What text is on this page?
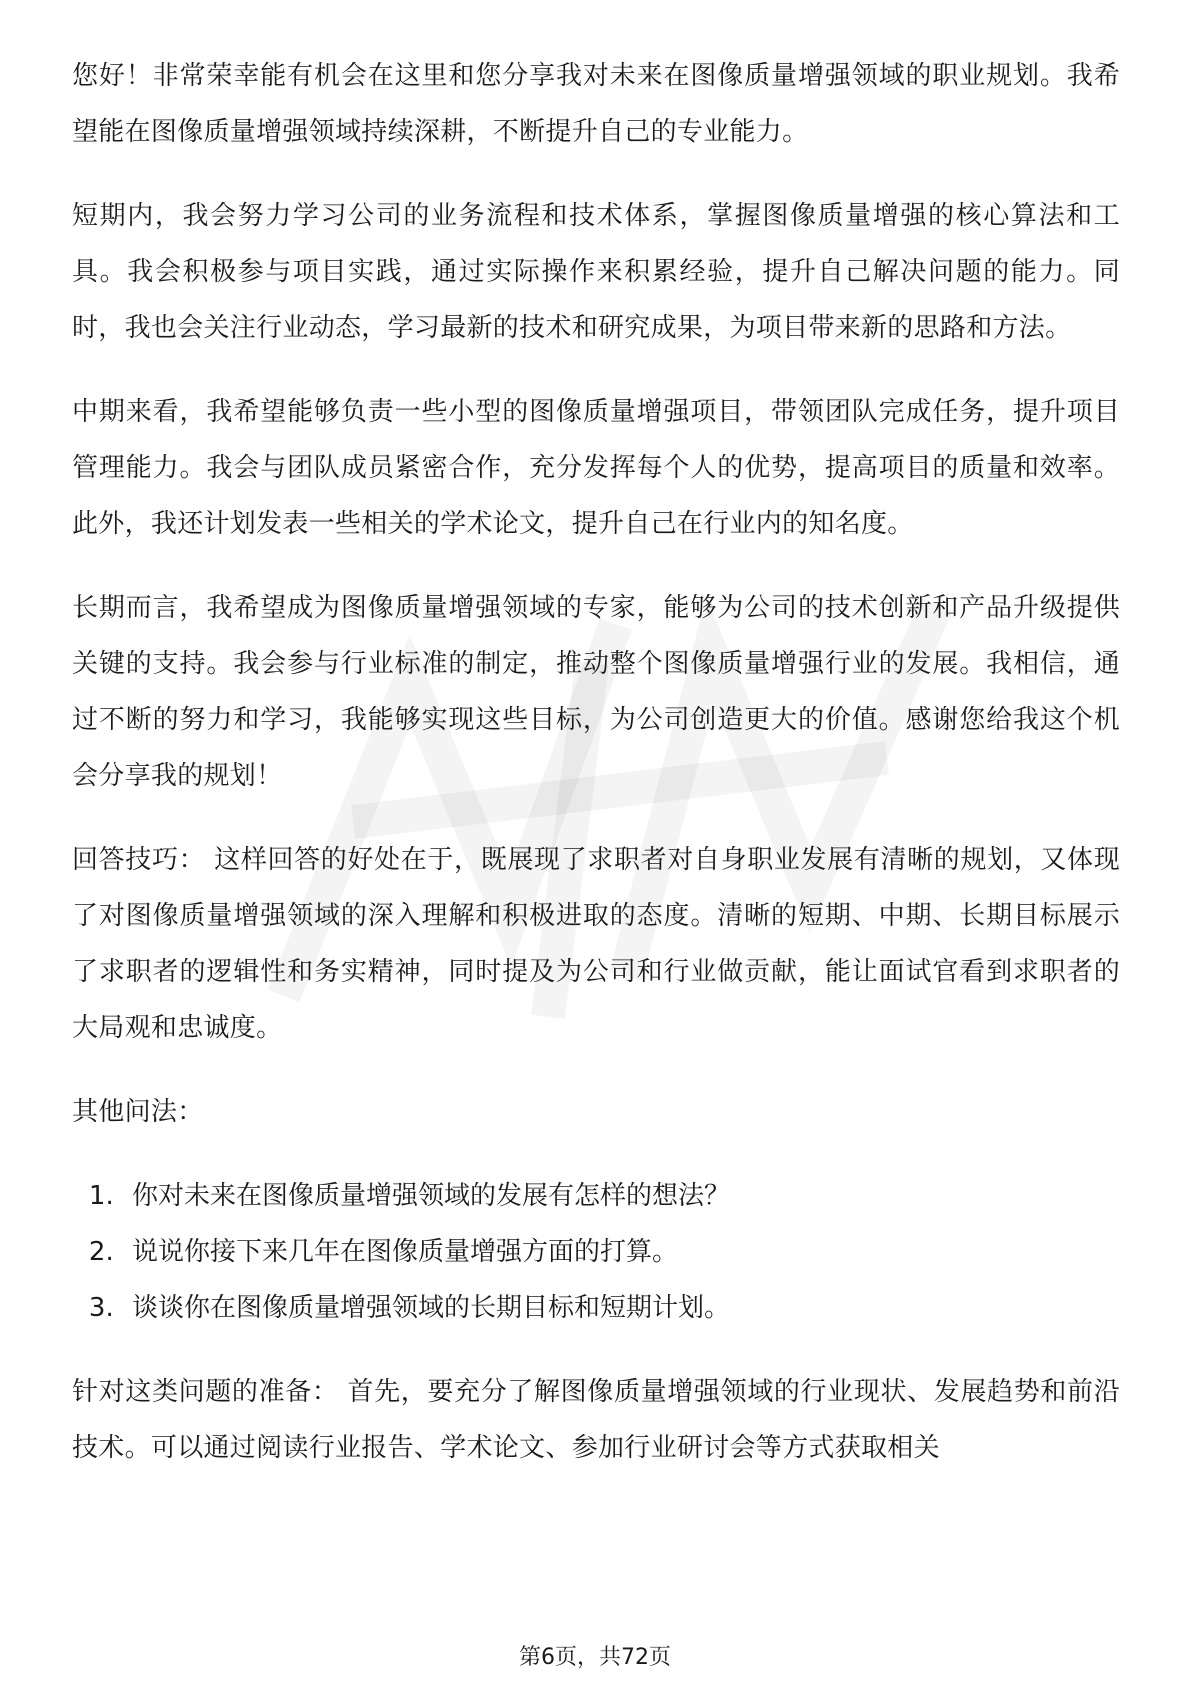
您好！非常荣幸能有机会在这里和您分享我对未来在图像质量增强领域的职业规划。我希望能在图像质量增强领域持续深耕，不断提升自己的专业能力。

短期内，我会努力学习公司的业务流程和技术体系，掌握图像质量增强的核心算法和工具。我会积极参与项目实践，通过实际操作来积累经验，提升自己解决问题的能力。同时，我也会关注行业动态，学习最新的技术和研究成果，为项目带来新的思路和方法。

中期来看，我希望能够负责一些小型的图像质量增强项目，带领团队完成任务，提升项目管理能力。我会与团队成员紧密合作，充分发挥每个人的优势，提高项目的质量和效率。此外，我还计划发表一些相关的学术论文，提升自己在行业内的知名度。

长期而言，我希望成为图像质量增强领域的专家，能够为公司的技术创新和产品升级提供关键的支持。我会参与行业标准的制定，推动整个图像质量增强行业的发展。我相信，通过不断的努力和学习，我能够实现这些目标，为公司创造更大的价值。感谢您给我这个机会分享我的规划！

回答技巧： 这样回答的好处在于，既展现了求职者对自身职业发展有清晰的规划，又体现了对图像质量增强领域的深入理解和积极进取的态度。清晰的短期、中期、长期目标展示了求职者的逻辑性和务实精神，同时提及为公司和行业做贡献，能让面试官看到求职者的大局观和忠诚度。

其他问法：

1. 你对未来在图像质量增强领域的发展有怎样的想法？
2. 说说你接下来几年在图像质量增强方面的打算。
3. 谈谈你在图像质量增强领域的长期目标和短期计划。

针对这类问题的准备： 首先，要充分了解图像质量增强领域的行业现状、发展趋势和前沿技术。可以通过阅读行业报告、学术论文、参加行业研讨会等方式获取相关

第6页，共72页
